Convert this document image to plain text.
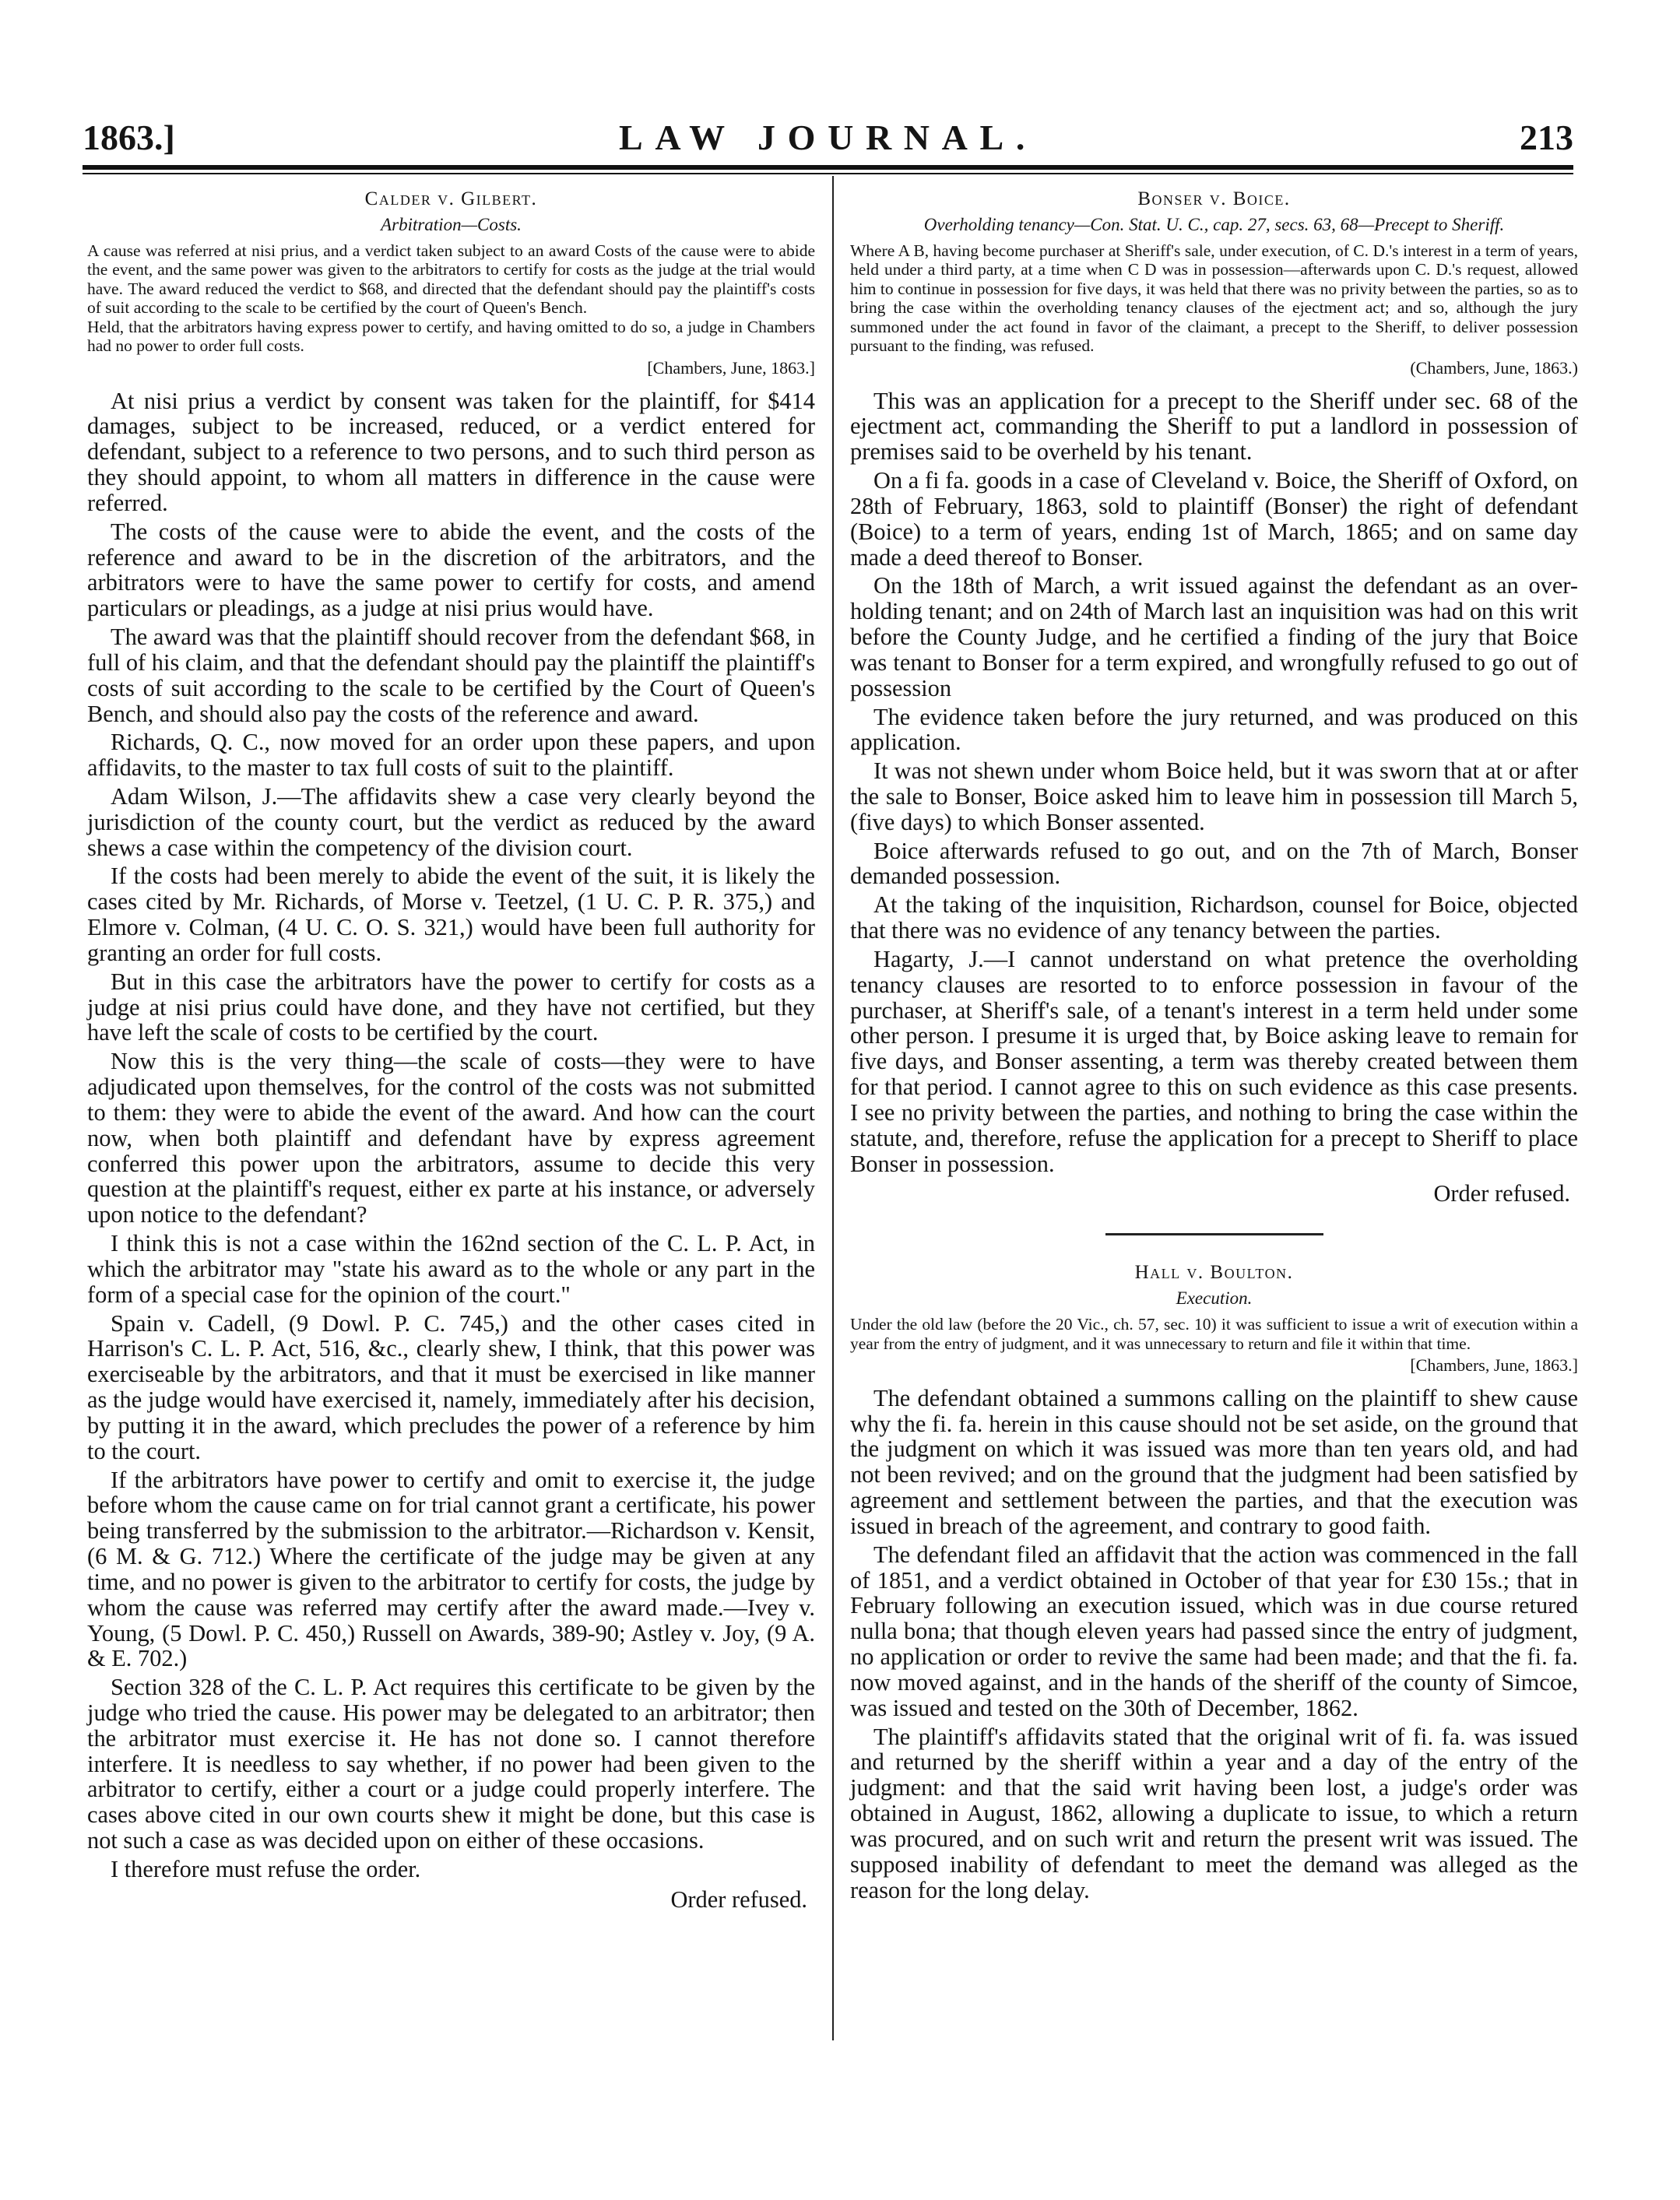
1863.]	LAW JOURNAL.	213
Calder v. Gilbert.
Arbitration—Costs.

A cause was referred at nisi prius, and a verdict taken subject to an award Costs of the cause were to abide the event, and the same power was given to the arbitrators to certify for costs as the judge at the trial would have. The award reduced the verdict to $68, and directed that the defendant should pay the plaintiff's costs of suit according to the scale to be certified by the court of Queen's Bench.

Held, that the arbitrators having express power to certify, and having omitted to do so, a judge in Chambers had no power to order full costs.

[Chambers, June, 1863.]

At nisi prius a verdict by consent was taken for the plaintiff, for $414 damages, subject to be increased, reduced, or a verdict entered for defendant, subject to a reference to two persons, and to such third person as they should appoint, to whom all matters in difference in the cause were referred.

The costs of the cause were to abide the event, and the costs of the reference and award to be in the discretion of the arbitrators, and the arbitrators were to have the same power to certify for costs, and amend particulars or pleadings, as a judge at nisi prius would have.

The award was that the plaintiff should recover from the defendant $68, in full of his claim, and that the defendant should pay the plaintiff the plaintiff's costs of suit according to the scale to be certified by the Court of Queen's Bench, and should also pay the costs of the reference and award.

Richards, Q. C., now moved for an order upon these papers, and upon affidavits, to the master to tax full costs of suit to the plaintiff.

Adam Wilson, J.—The affidavits shew a case very clearly beyond the jurisdiction of the county court, but the verdict as reduced by the award shews a case within the competency of the division court.

If the costs had been merely to abide the event of the suit, it is likely the cases cited by Mr. Richards, of Morse v. Teetzel, (1 U. C. P. R. 375,) and Elmore v. Colman, (4 U. C. O. S. 321,) would have been full authority for granting an order for full costs.

But in this case the arbitrators have the power to certify for costs as a judge at nisi prius could have done, and they have not certified, but they have left the scale of costs to be certified by the court.

Now this is the very thing—the scale of costs—they were to have adjudicated upon themselves, for the control of the costs was not submitted to them: they were to abide the event of the award. And how can the court now, when both plaintiff and defendant have by express agreement conferred this power upon the arbitrators, assume to decide this very question at the plaintiff's request, either ex parte at his instance, or adversely upon notice to the defendant?

I think this is not a case within the 162nd section of the C. L. P. Act, in which the arbitrator may "state his award as to the whole or any part in the form of a special case for the opinion of the court."

Spain v. Cadell, (9 Dowl. P. C. 745,) and the other cases cited in Harrison's C. L. P. Act, 516, &c., clearly shew, I think, that this power was exerciseable by the arbitrators, and that it must be exercised in like manner as the judge would have exercised it, namely, immediately after his decision, by putting it in the award, which precludes the power of a reference by him to the court.

If the arbitrators have power to certify and omit to exercise it, the judge before whom the cause came on for trial cannot grant a certificate, his power being transferred by the submission to the arbitrator.—Richardson v. Kensit, (6 M. & G. 712.) Where the certificate of the judge may be given at any time, and no power is given to the arbitrator to certify for costs, the judge by whom the cause was referred may certify after the award made.—Ivey v. Young, (5 Dowl. P. C. 450,) Russell on Awards, 389-90; Astley v. Joy, (9 A. & E. 702.)

Section 328 of the C. L. P. Act requires this certificate to be given by the judge who tried the cause. His power may be delegated to an arbitrator; then the arbitrator must exercise it. He has not done so. I cannot therefore interfere. It is needless to say whether, if no power had been given to the arbitrator to certify, either a court or a judge could properly interfere. The cases above cited in our own courts shew it might be done, but this case is not such a case as was decided upon on either of these occasions.

I therefore must refuse the order.

Order refused.
Bonser v. Boice.
Overholding tenancy—Con. Stat. U. C., cap. 27, secs. 63, 68—Precept to Sheriff.

Where A B, having become purchaser at Sheriff's sale, under execution, of C. D.'s interest in a term of years, held under a third party, at a time when C D was in possession—afterwards upon C. D.'s request, allowed him to continue in possession for five days, it was held that there was no privity between the parties, so as to bring the case within the overholding tenancy clauses of the ejectment act; and so, although the jury summoned under the act found in favor of the claimant, a precept to the Sheriff, to deliver possession pursuant to the finding, was refused.

(Chambers, June, 1863.)

This was an application for a precept to the Sheriff under sec. 68 of the ejectment act, commanding the Sheriff to put a landlord in possession of premises said to be overheld by his tenant.

On a fi fa. goods in a case of Cleveland v. Boice, the Sheriff of Oxford, on 28th of February, 1863, sold to plaintiff (Bonser) the right of defendant (Boice) to a term of years, ending 1st of March, 1865; and on same day made a deed thereof to Bonser.

On the 18th of March, a writ issued against the defendant as an over-holding tenant; and on 24th of March last an inquisition was had on this writ before the County Judge, and he certified a finding of the jury that Boice was tenant to Bonser for a term expired, and wrongfully refused to go out of possession

The evidence taken before the jury returned, and was produced on this application.

It was not shewn under whom Boice held, but it was sworn that at or after the sale to Bonser, Boice asked him to leave him in possession till March 5, (five days) to which Bonser assented.

Boice afterwards refused to go out, and on the 7th of March, Bonser demanded possession.

At the taking of the inquisition, Richardson, counsel for Boice, objected that there was no evidence of any tenancy between the parties.

Hagarty, J.—I cannot understand on what pretence the overholding tenancy clauses are resorted to to enforce possession in favour of the purchaser, at Sheriff's sale, of a tenant's interest in a term held under some other person. I presume it is urged that, by Boice asking leave to remain for five days, and Bonser assenting, a term was thereby created between them for that period. I cannot agree to this on such evidence as this case presents. I see no privity between the parties, and nothing to bring the case within the statute, and, therefore, refuse the application for a precept to Sheriff to place Bonser in possession.

Order refused.
Hall v. Boulton.
Execution.

Under the old law (before the 20 Vic., ch. 57, sec. 10) it was sufficient to issue a writ of execution within a year from the entry of judgment, and it was unnecessary to return and file it within that time.

[Chambers, June, 1863.]

The defendant obtained a summons calling on the plaintiff to shew cause why the fi. fa. herein in this cause should not be set aside, on the ground that the judgment on which it was issued was more than ten years old, and had not been revived; and on the ground that the judgment had been satisfied by agreement and settlement between the parties, and that the execution was issued in breach of the agreement, and contrary to good faith.

The defendant filed an affidavit that the action was commenced in the fall of 1851, and a verdict obtained in October of that year for £30 15s.; that in February following an execution issued, which was in due course retured nulla bona; that though eleven years had passed since the entry of judgment, no application or order to revive the same had been made; and that the fi. fa. now moved against, and in the hands of the sheriff of the county of Simcoe, was issued and tested on the 30th of December, 1862.

The plaintiff's affidavits stated that the original writ of fi. fa. was issued and returned by the sheriff within a year and a day of the entry of the judgment: and that the said writ having been lost, a judge's order was obtained in August, 1862, allowing a duplicate to issue, to which a return was procured, and on such writ and return the present writ was issued. The supposed inability of defendant to meet the demand was alleged as the reason for the long delay.
